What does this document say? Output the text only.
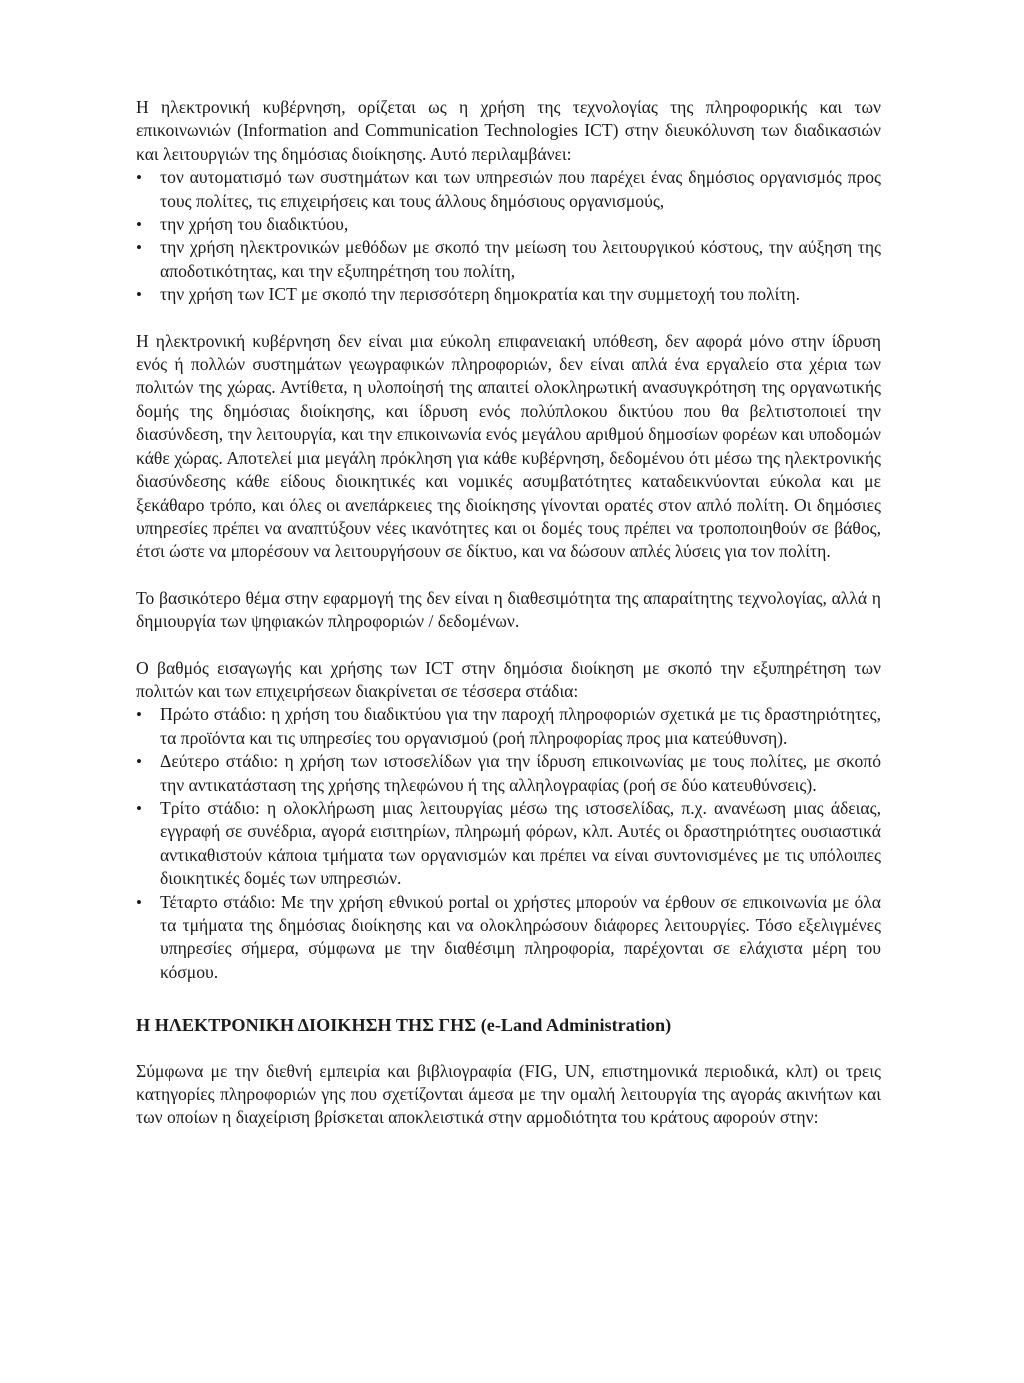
Η ηλεκτρονική κυβέρνηση, ορίζεται ως η χρήση της τεχνολογίας της πληροφορικής και των επικοινωνιών (Information and Communication Technologies ICT) στην διευκόλυνση των διαδικασιών και λειτουργιών της δημόσιας διοίκησης. Αυτό περιλαμβάνει:

• τον αυτοματισμό των συστημάτων και των υπηρεσιών που παρέχει ένας δημόσιος οργανισμός προς τους πολίτες, τις επιχειρήσεις και τους άλλους δημόσιους οργανισμούς,
• την χρήση του διαδικτύου,
• την χρήση ηλεκτρονικών μεθόδων με σκοπό την μείωση του λειτουργικού κόστους, την αύξηση της αποδοτικότητας, και την εξυπηρέτηση του πολίτη,
• την χρήση των ICT με σκοπό την περισσότερη δημοκρατία και την συμμετοχή του πολίτη.

Η ηλεκτρονική κυβέρνηση δεν είναι μια εύκολη επιφανειακή υπόθεση, δεν αφορά μόνο στην ίδρυση ενός ή πολλών συστημάτων γεωγραφικών πληροφοριών, δεν είναι απλά ένα εργαλείο στα χέρια των πολιτών της χώρας. Αντίθετα, η υλοποίησή της απαιτεί ολοκληρωτική ανασυγκρότηση της οργανωτικής δομής της δημόσιας διοίκησης, και ίδρυση ενός πολύπλοκου δικτύου που θα βελτιστοποιεί την διασύνδεση, την λειτουργία, και την επικοινωνία ενός μεγάλου αριθμού δημοσίων φορέων και υποδομών κάθε χώρας. Αποτελεί μια μεγάλη πρόκληση για κάθε κυβέρνηση, δεδομένου ότι μέσω της ηλεκτρονικής διασύνδεσης κάθε είδους διοικητικές και νομικές ασυμβατότητες καταδεικνύονται εύκολα και με ξεκάθαρο τρόπο, και όλες οι ανεπάρκειες της διοίκησης γίνονται ορατές στον απλό πολίτη. Οι δημόσιες υπηρεσίες πρέπει να αναπτύξουν νέες ικανότητες και οι δομές τους πρέπει να τροποποιηθούν σε βάθος, έτσι ώστε να μπορέσουν να λειτουργήσουν σε δίκτυο, και να δώσουν απλές λύσεις για τον πολίτη.

Το βασικότερο θέμα στην εφαρμογή της δεν είναι η διαθεσιμότητα της απαραίτητης τεχνολογίας, αλλά η δημιουργία των ψηφιακών πληροφοριών / δεδομένων.

Ο βαθμός εισαγωγής και χρήσης των ICT στην δημόσια διοίκηση με σκοπό την εξυπηρέτηση των πολιτών και των επιχειρήσεων διακρίνεται σε τέσσερα στάδια:

• Πρώτο στάδιο: η χρήση του διαδικτύου για την παροχή πληροφοριών σχετικά με τις δραστηριότητες, τα προϊόντα και τις υπηρεσίες του οργανισμού (ροή πληροφορίας προς μια κατεύθυνση).
• Δεύτερο στάδιο: η χρήση των ιστοσελίδων για την ίδρυση επικοινωνίας με τους πολίτες, με σκοπό την αντικατάσταση της χρήσης τηλεφώνου ή της αλληλογραφίας (ροή σε δύο κατευθύνσεις).
• Τρίτο στάδιο: η ολοκλήρωση μιας λειτουργίας μέσω της ιστοσελίδας, π.χ. ανανέωση μιας άδειας, εγγραφή σε συνέδρια, αγορά εισιτηρίων, πληρωμή φόρων, κλπ. Αυτές οι δραστηριότητες ουσιαστικά αντικαθιστούν κάποια τμήματα των οργανισμών και πρέπει να είναι συντονισμένες με τις υπόλοιπες διοικητικές δομές των υπηρεσιών.
• Τέταρτο στάδιο: Με την χρήση εθνικού portal οι χρήστες μπορούν να έρθουν σε επικοινωνία με όλα τα τμήματα της δημόσιας διοίκησης και να ολοκληρώσουν διάφορες λειτουργίες. Τόσο εξελιγμένες υπηρεσίες σήμερα, σύμφωνα με την διαθέσιμη πληροφορία, παρέχονται σε ελάχιστα μέρη του κόσμου.
Η ΗΛΕΚΤΡΟΝΙΚΗ ΔΙΟΙΚΗΣΗ ΤΗΣ ΓΗΣ (e-Land Administration)

Σύμφωνα με την διεθνή εμπειρία και βιβλιογραφία (FIG, UN, επιστημονικά περιοδικά, κλπ) οι τρεις κατηγορίες πληροφοριών γης που σχετίζονται άμεσα με την ομαλή λειτουργία της αγοράς ακινήτων και των οποίων η διαχείριση βρίσκεται αποκλειστικά στην αρμοδιότητα του κράτους αφορούν στην:
